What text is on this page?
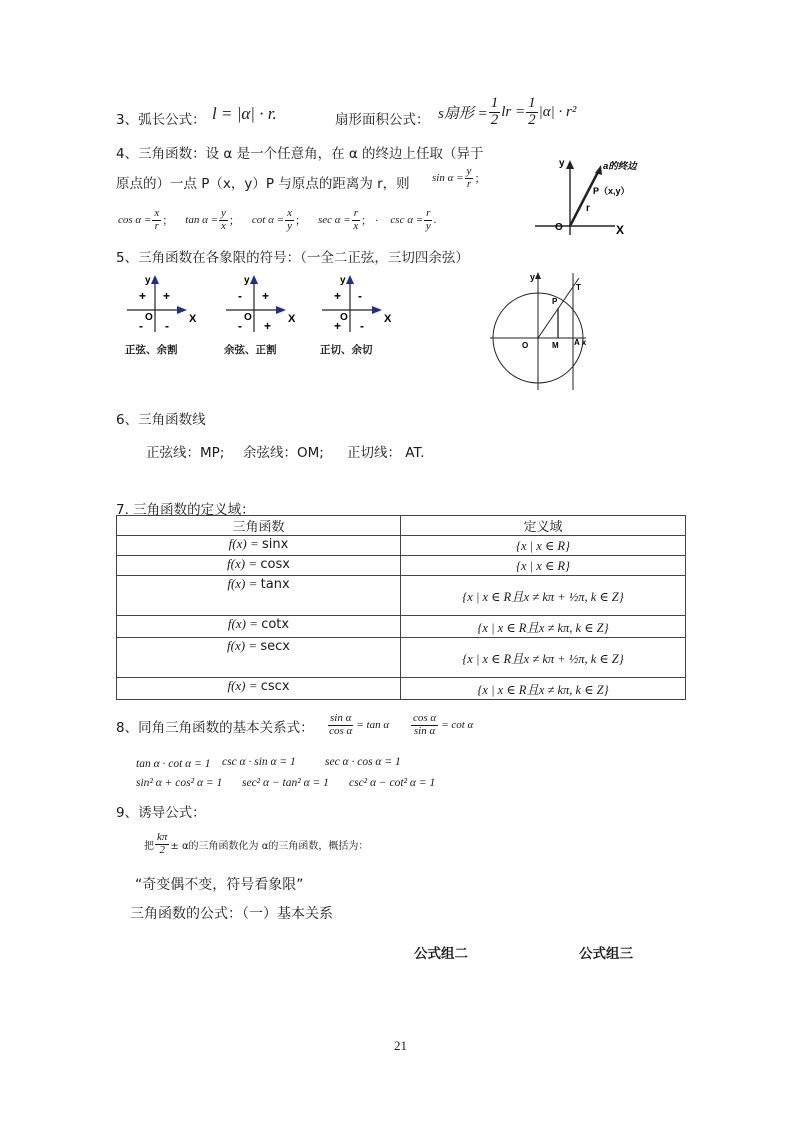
3、弧长公式： l = |α| · r.	扇形面积公式： s扇形 = $\frac{1}{2}$ lr = $\frac{1}{2} |\alpha| \cdot r^2$
4、三角函数：设 α 是一个任意角，在 α 的终边上任取（异于
原点的）一点 P（x，y）P 与原点的距离为 r，则 $\sin \alpha = \frac{y}{r}$ ；
$\cos \alpha = \frac{x}{r}$ ； $\tan \alpha = \frac{y}{x}$ ； $\cot \alpha = \frac{x}{y}$ ； $\sec \alpha = \frac{r}{x}$ ； · $\csc \alpha = \frac{r}{y}$ .
y	a的终边
P（x,y）
r
O	X
5、三角函数在各象限的符号：（一全二正弦，三切四余弦）
y
X
O
+
+
- -
正弦、余割
y
X
O
+
-
- +
余弦、正割
y
X
O
-
+
+ -
正切、余切
y
P
T
O	M A x
6、三角函数线
正弦线：MP; 余弦线：OM; 正切线： AT.
7. 三角函数的定义域：
三角函数	定义域
f(x) = sinx	{x | x ∈ R}
f(x) = cosx	{x | x ∈ R}
f(x) = tanx	{x | x ∈ R且x ≠ kπ + ½π, k ∈ Z}
f(x) = cotx	{x | x ∈ R且x ≠ kπ, k ∈ Z}
f(x) = secx	{x | x ∈ R且x ≠ kπ + ½π, k ∈ Z}
f(x) = cscx	{x | x ∈ R且x ≠ kπ, k ∈ Z}
8、同角三角函数的基本关系式： $\frac{\text{sin α}}{\text{cos α}} = \tan \alpha \frac{\text{cos α}}{\text{sin α}} = \cot \alpha$
tan α · cot α = 1 csc α · sin α = 1	sec α · cos α = 1
sin² α + cos² α = 1 sec² α − tan² α = 1 csc² α − cot² α = 1
9、诱导公式：
把 $\frac{k\pi}{2} \pm \alpha$的三角函数化为 α的三角函数，概括为：
“奇变偶不变，符号看象限”
三角函数的公式：（一）基本关系
公式组二	公式组三
21
